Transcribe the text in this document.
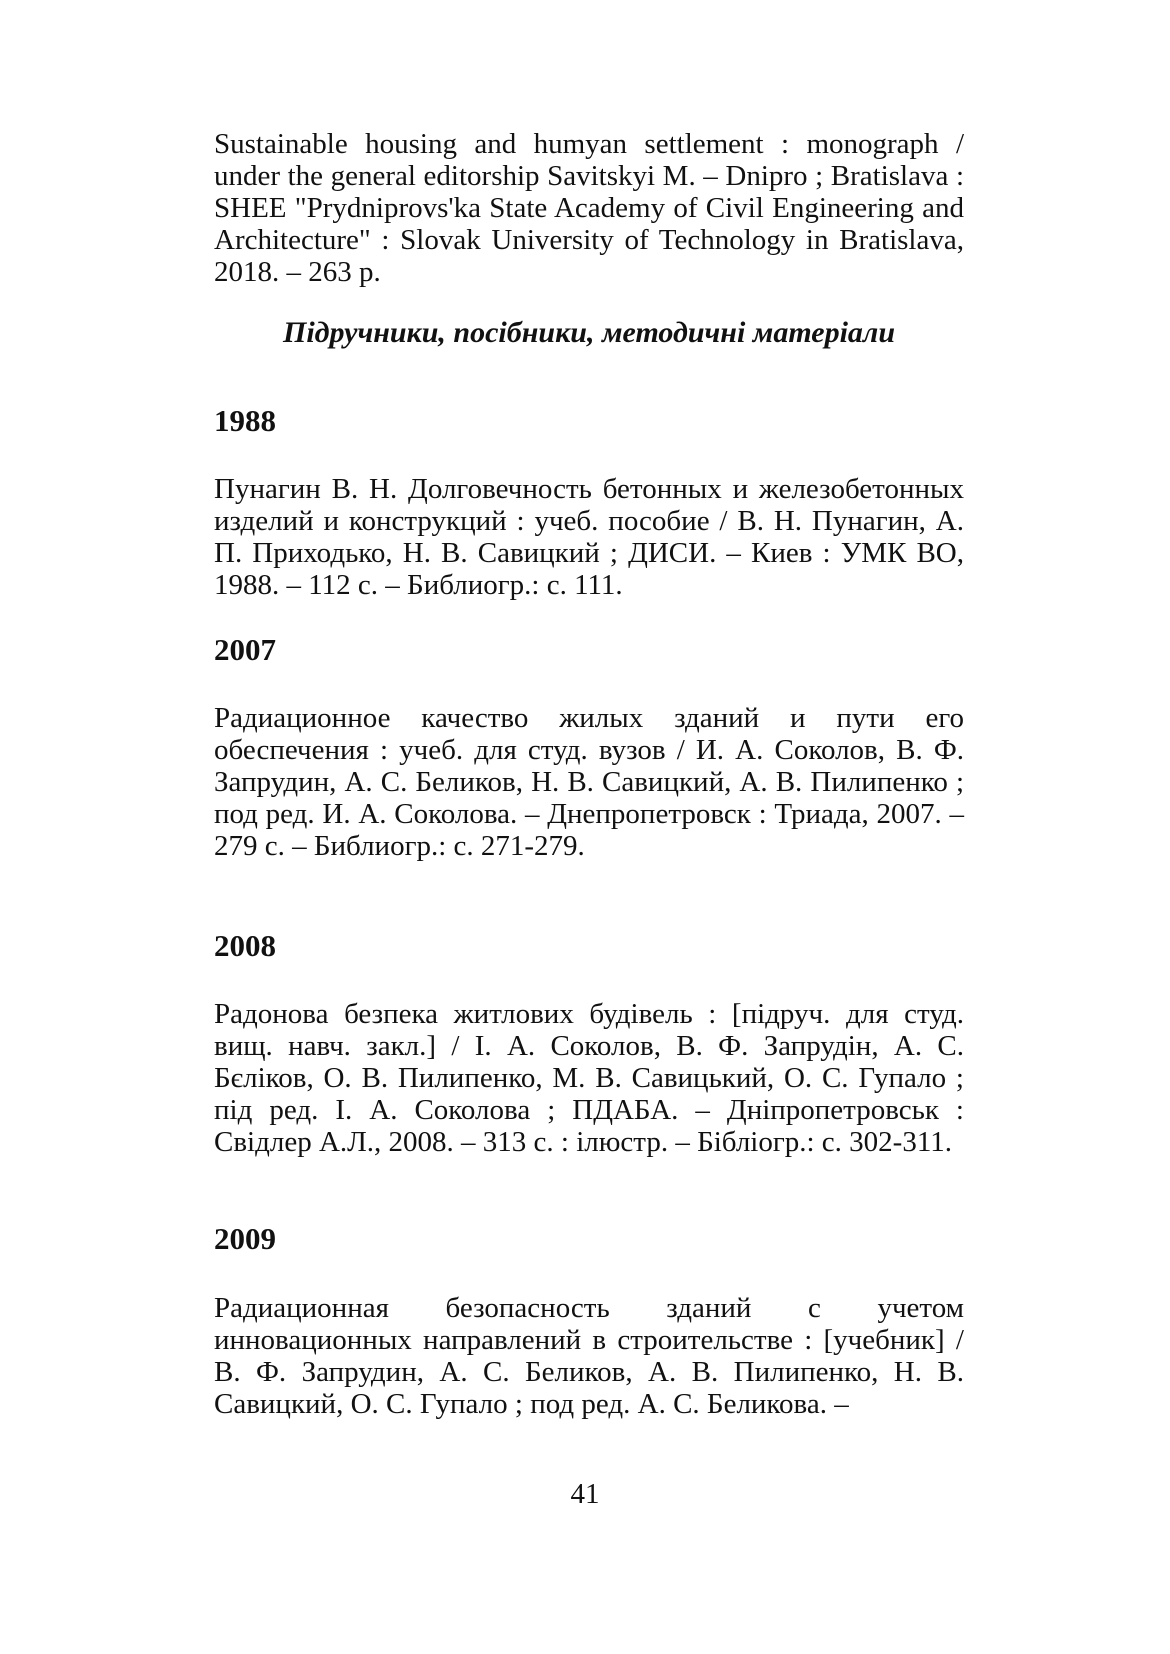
Sustainable housing and humyan settlement : monograph / under the general editorship Savitskyi M. – Dnipro ; Bratislava : SHEE "Prydniprovs'ka State Academy of Civil Engineering and Architecture" : Slovak University of Technology in Bratislava, 2018. – 263 p.

Підручники, посібники, методичні матеріали
1988

Пунагин В. Н. Долговечность бетонных и железобетонных изделий и конструкций : учеб. пособие / В. Н. Пунагин, А. П. Приходько, Н. В. Савицкий ; ДИСИ. – Киев : УМК ВО, 1988. – 112 с. – Библиогр.: с. 111.

2007

Радиационное качество жилых зданий и пути его обеспечения : учеб. для студ. вузов / И. А. Соколов, В. Ф. Запрудин, А. С. Беликов, Н. В. Савицкий, А. В. Пилипенко ; под ред. И. А. Соколова. – Днепропетровск : Триада, 2007. – 279 с. – Библиогр.: с. 271-279.

2008

Радонова безпека житлових будівель : [підруч. для студ. вищ. навч. закл.] / І. А. Соколов, В. Ф. Запрудін, А. С. Бєліков, О. В. Пилипенко, М. В. Савицький, О. С. Гупало ; під ред. І. А. Соколова ; ПДАБА. – Дніпропетровськ : Свідлер А.Л., 2008. – 313 с. : ілюстр. – Бібліогр.: с. 302-311.

2009

Радиационная безопасность зданий с учетом инновационных направлений в строительстве : [учебник] / В. Ф. Запрудин, А. С. Беликов, А. В. Пилипенко, Н. В. Савицкий, О. С. Гупало ; под ред. А. С. Беликова. –

41
